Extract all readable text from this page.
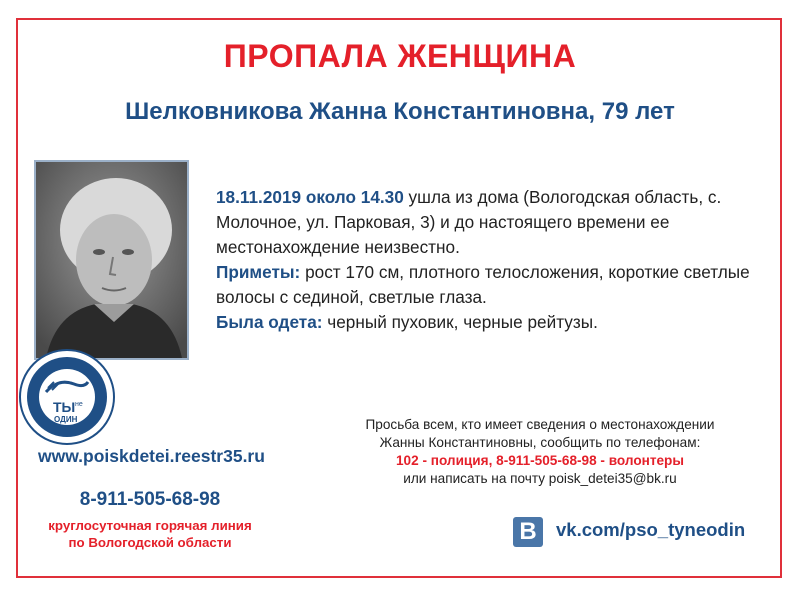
ПРОПАЛА ЖЕНЩИНА
Шелковникова Жанна Константиновна, 79 лет
ТЫ не
ОДИН
18.11.2019 около 14.30 ушла из дома (Вологодская область, с. Молочное, ул. Парковая, 3) и до настоящего времени ее местонахождение неизвестно.
Приметы: рост 170 см, плотного телосложения, короткие светлые волосы с сединой, светлые глаза.
Была одета: черный пуховик, черные рейтузы.
www.poiskdetei.reestr35.ru
8-911-505-68-98
круглосуточная горячая линия
по Вологодской области
Просьба всем, кто имеет сведения о местонахождении
Жанны Константиновны, сообщить по телефонам:
102 - полиция, 8-911-505-68-98 - волонтеры
или написать на почту poisk_detei35@bk.ru
B	vk.com/pso_tyneodin
